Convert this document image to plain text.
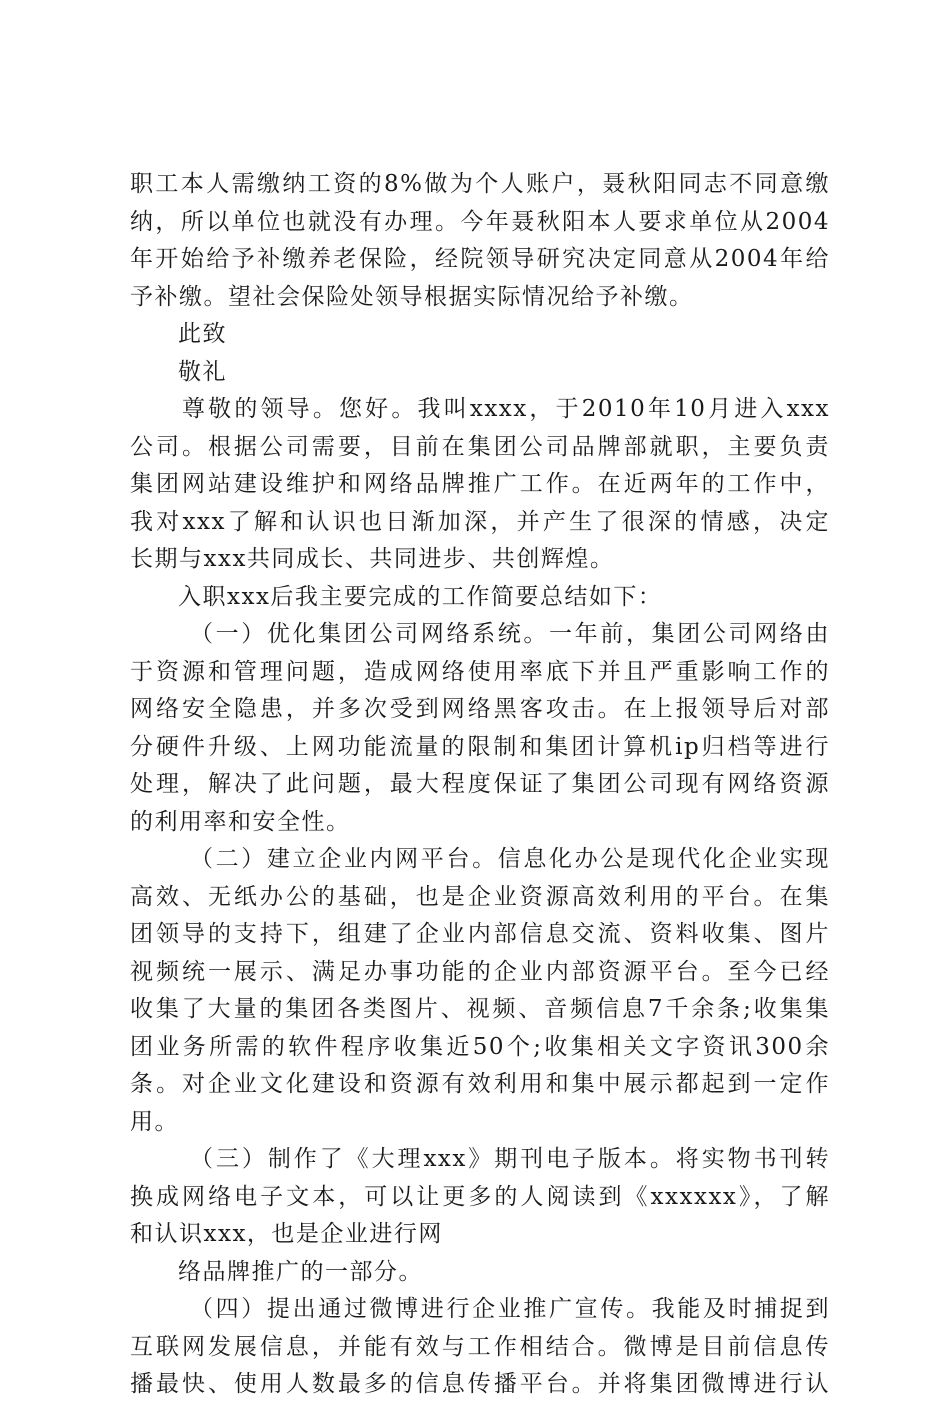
职工本人需缴纳工资的8%做为个人账户，聂秋阳同志不同意缴
纳，所以单位也就没有办理。今年聂秋阳本人要求单位从2004
年开始给予补缴养老保险，经院领导研究决定同意从2004年给
予补缴。望社会保险处领导根据实际情况给予补缴。
此致
敬礼
尊敬的领导。您好。我叫xxxx，于2010年10月进入xxx
公司。根据公司需要，目前在集团公司品牌部就职，主要负责
集团网站建设维护和网络品牌推广工作。在近两年的工作中，
我对xxx了解和认识也日渐加深，并产生了很深的情感，决定
长期与xxx共同成长、共同进步、共创辉煌。
入职xxx后我主要完成的工作简要总结如下：
（一）优化集团公司网络系统。一年前，集团公司网络由
于资源和管理问题，造成网络使用率底下并且严重影响工作的
网络安全隐患，并多次受到网络黑客攻击。在上报领导后对部
分硬件升级、上网功能流量的限制和集团计算机ip归档等进行
处理，解决了此问题，最大程度保证了集团公司现有网络资源
的利用率和安全性。
（二）建立企业内网平台。信息化办公是现代化企业实现
高效、无纸办公的基础，也是企业资源高效利用的平台。在集
团领导的支持下，组建了企业内部信息交流、资料收集、图片
视频统一展示、满足办事功能的企业内部资源平台。至今已经
收集了大量的集团各类图片、视频、音频信息7千余条;收集集
团业务所需的软件程序收集近50个;收集相关文字资讯300余
条。对企业文化建设和资源有效利用和集中展示都起到一定作
用。
（三）制作了《大理xxx》期刊电子版本。将实物书刊转
换成网络电子文本，可以让更多的人阅读到《xxxxxx》，了解
和认识xxx，也是企业进行网
络品牌推广的一部分。
（四）提出通过微博进行企业推广宣传。我能及时捕捉到
互联网发展信息，并能有效与工作相结合。微博是目前信息传
播最快、使用人数最多的信息传播平台。并将集团微博进行认
